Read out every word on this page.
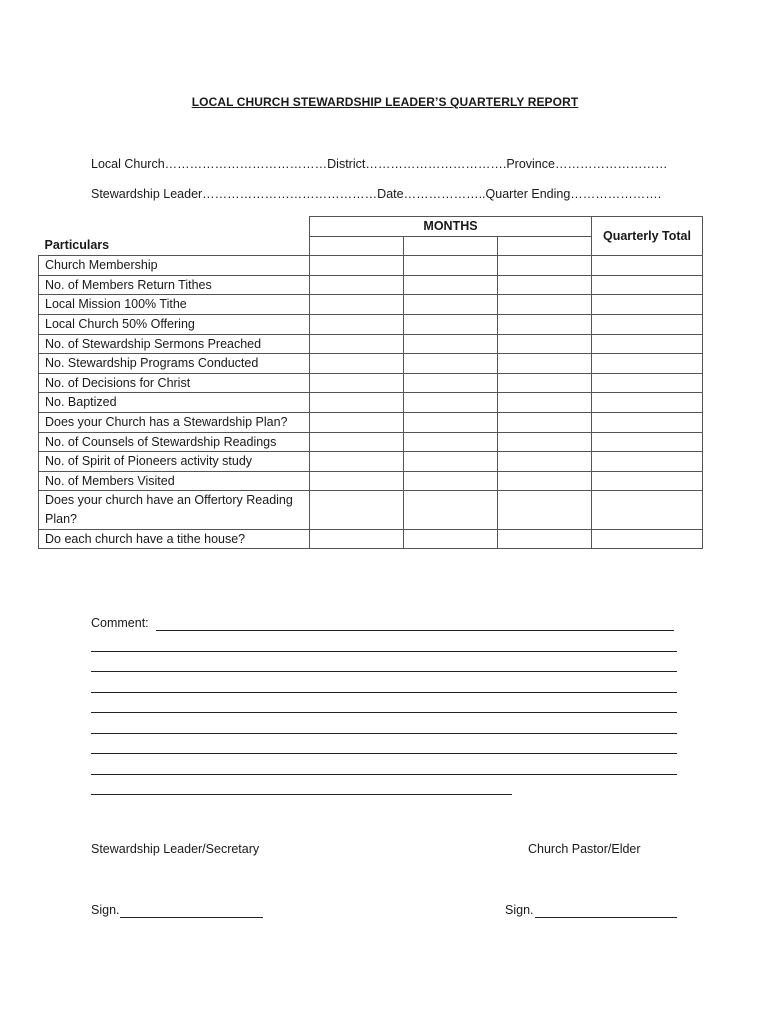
LOCAL CHURCH STEWARDSHIP LEADER’S QUARTERLY REPORT
Local Church…………………………………District…………………………….Province………………………
Stewardship Leader……………………………………Date………………..Quarter Ending………………….
Particulars	MONTHS			Quarterly Total

Church Membership				
No. of Members Return Tithes				
Local Mission 100% Tithe				
Local Church 50% Offering				
No. of Stewardship Sermons Preached				
No. Stewardship Programs Conducted				
No. of Decisions for Christ				
No. Baptized				
Does your Church has a Stewardship Plan?				
No. of Counsels of Stewardship Readings				
No. of Spirit of Pioneers activity study				
No. of Members Visited				
Does your church have an Offertory Reading Plan?				
Do each church have a tithe house?				
Comment:
Stewardship Leader/Secretary	Church Pastor/Elder
Sign.	Sign.
